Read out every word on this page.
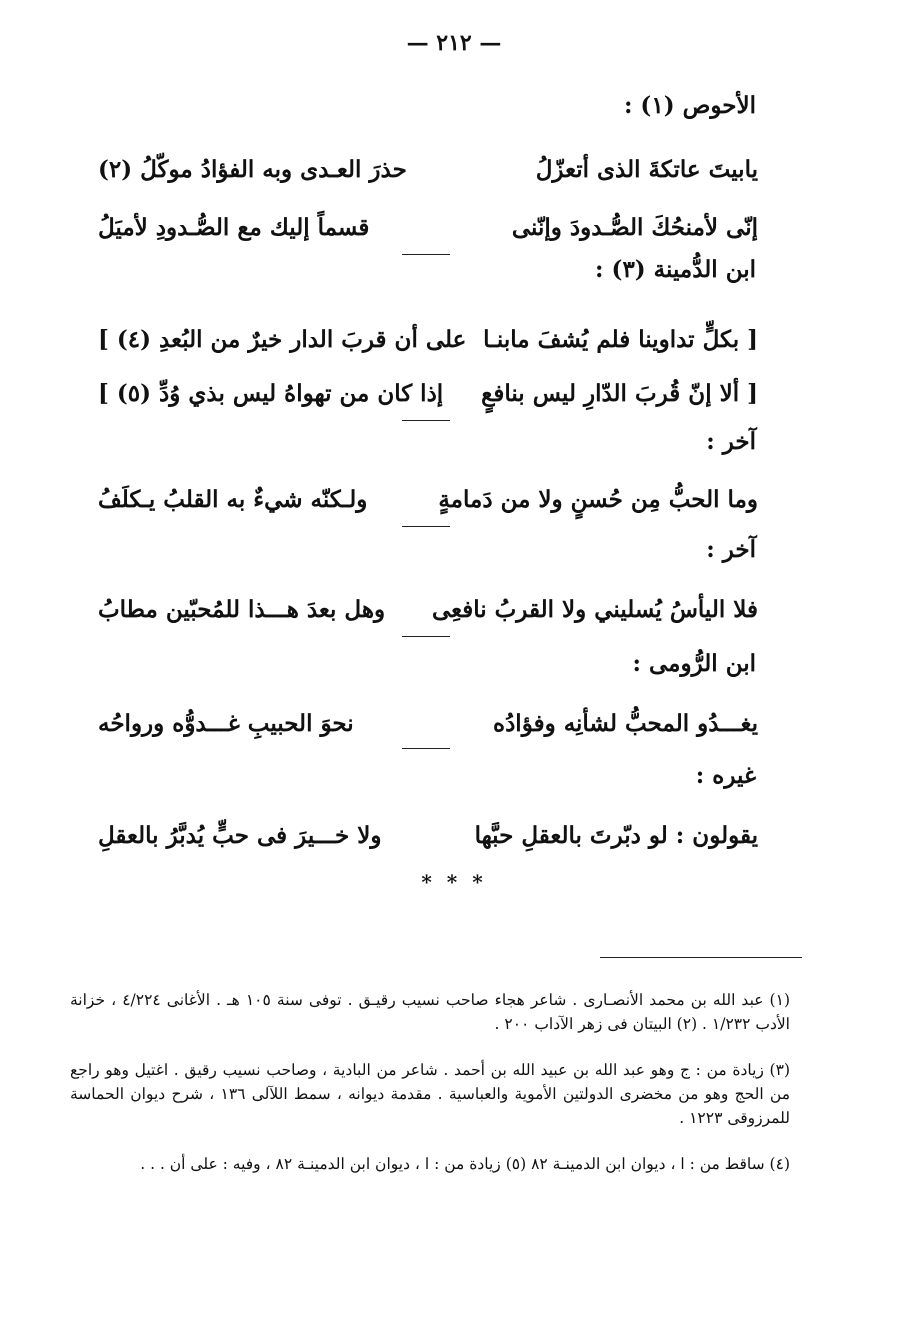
— ٢١٢ —
الأحوص (١) :
يابيتَ عاتكةَ الذى أتعزّلُ
حذرَ العـدى وبه الفؤادُ موكّلُ (٢)
إنّى لأمنحُكَ الصُّـدودَ وإنّنى
قسماً إليك مع الصُّـدودِ لأميَلُ
ابن الدُّمينة (٣) :
[ بكلٍّ تداوينا فلم يُشفَ مابنـا
على أن قربَ الدار خيرٌ من البُعدِ (٤) ]
[ ألا إنّ قُربَ الدّارِ ليس بنافعٍ
إذا كان من تهواهُ ليس بذي وُدِّ (٥) ]
آخر :
وما الحبُّ مِن حُسنٍ ولا من دَمامةٍ
ولـكنّه شيءٌ به القلبُ يـكلَفُ
آخر :
فلا اليأسُ يُسليني ولا القربُ نافعِى
وهل بعدَ هـــذا للمُحبّين مطابُ
ابن الرُّومى :
يغـــدُو المحبُّ لشأنِه وفؤادُه
نحوَ الحبيبِ غـــدوُّه ورواحُه
غيره :
يقولون : لو دبّرتَ بالعقلِ حبَّها
ولا خـــيرَ فى حبٍّ يُدبَّرُ بالعقلِ
* * *
(١) عبد الله بن محمد الأنصـارى . شاعر هجاء صاحب نسيب رقيـق . توفى سنة ١٠٥ هـ . الأغانى ٤/٢٢٤ ، خزانة الأدب ١/٢٣٢ . (٢) البيتان فى زهر الآداب ٢٠٠ .
(٣) زيادة من : ج وهو عبد الله بن عبيد الله بن أحمد . شاعر من البادية ، وصاحب نسيب رقيق . اغتيل وهو راجع من الحج وهو من مخضرى الدولتين الأموية والعباسية . مقدمة ديوانه ، سمط اللآلى ١٣٦ ، شرح ديوان الحماسة للمرزوقى ١٢٢٣ .
(٤) ساقط من : ا ، ديوان ابن الدمينـة ٨٢ (٥) زيادة من : ا ، ديوان ابن الدمينـة ٨٢ ، وفيه : على أن . . .
